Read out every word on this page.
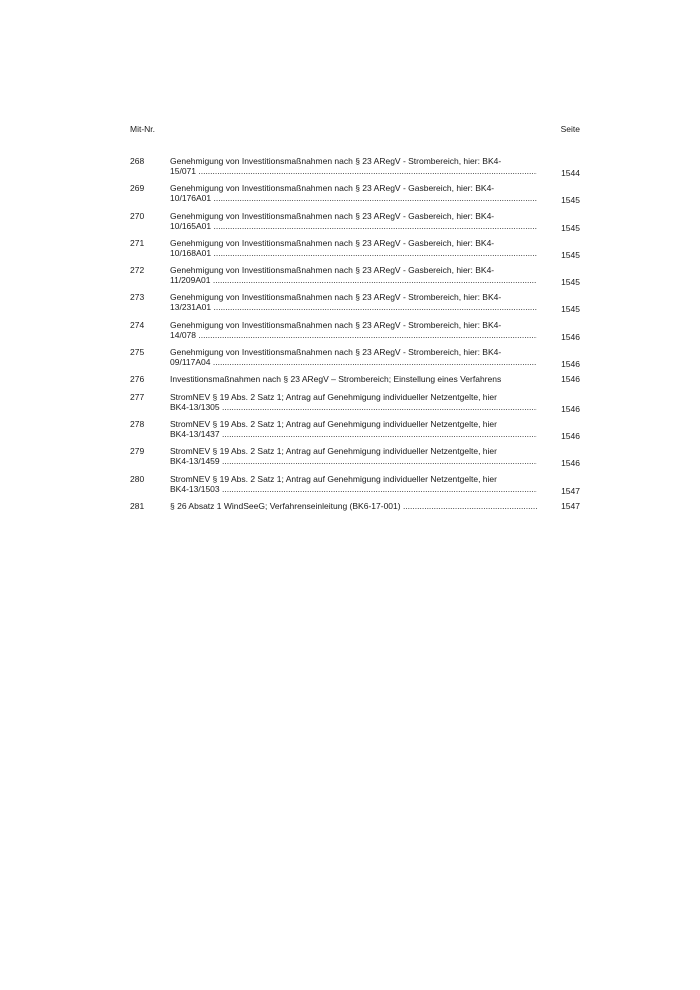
Mit-Nr.	Seite
268	Genehmigung von Investitionsmaßnahmen nach § 23 ARegV - Strombereich, hier: BK4-
15/071 .....	1544
269	Genehmigung von Investitionsmaßnahmen nach § 23 ARegV - Gasbereich, hier: BK4-
10/176A01 .....	1545
270	Genehmigung von Investitionsmaßnahmen nach § 23 ARegV - Gasbereich, hier: BK4-
10/165A01 .....	1545
271	Genehmigung von Investitionsmaßnahmen nach § 23 ARegV - Gasbereich, hier: BK4-
10/168A01 .....	1545
272	Genehmigung von Investitionsmaßnahmen nach § 23 ARegV - Gasbereich, hier: BK4-
11/209A01 .....	1545
273	Genehmigung von Investitionsmaßnahmen nach § 23 ARegV - Strombereich, hier: BK4-
13/231A01 .....	1545
274	Genehmigung von Investitionsmaßnahmen nach § 23 ARegV - Strombereich, hier: BK4-
14/078 .....	1546
275	Genehmigung von Investitionsmaßnahmen nach § 23 ARegV - Strombereich, hier: BK4-
09/117A04 .....	1546
276	Investitionsmaßnahmen nach § 23 ARegV – Strombereich; Einstellung eines Verfahrens	1546
277	StromNEV § 19 Abs. 2 Satz 1; Antrag auf Genehmigung individueller Netzentgelte, hier
BK4-13/1305 .....	1546
278	StromNEV § 19 Abs. 2 Satz 1; Antrag auf Genehmigung individueller Netzentgelte, hier
BK4-13/1437 .....	1546
279	StromNEV § 19 Abs. 2 Satz 1; Antrag auf Genehmigung individueller Netzentgelte, hier
BK4-13/1459 .....	1546
280	StromNEV § 19 Abs. 2 Satz 1; Antrag auf Genehmigung individueller Netzentgelte, hier
BK4-13/1503 .....	1547
281	§ 26 Absatz 1 WindSeeG; Verfahrenseinleitung (BK6-17-001) .....	1547
